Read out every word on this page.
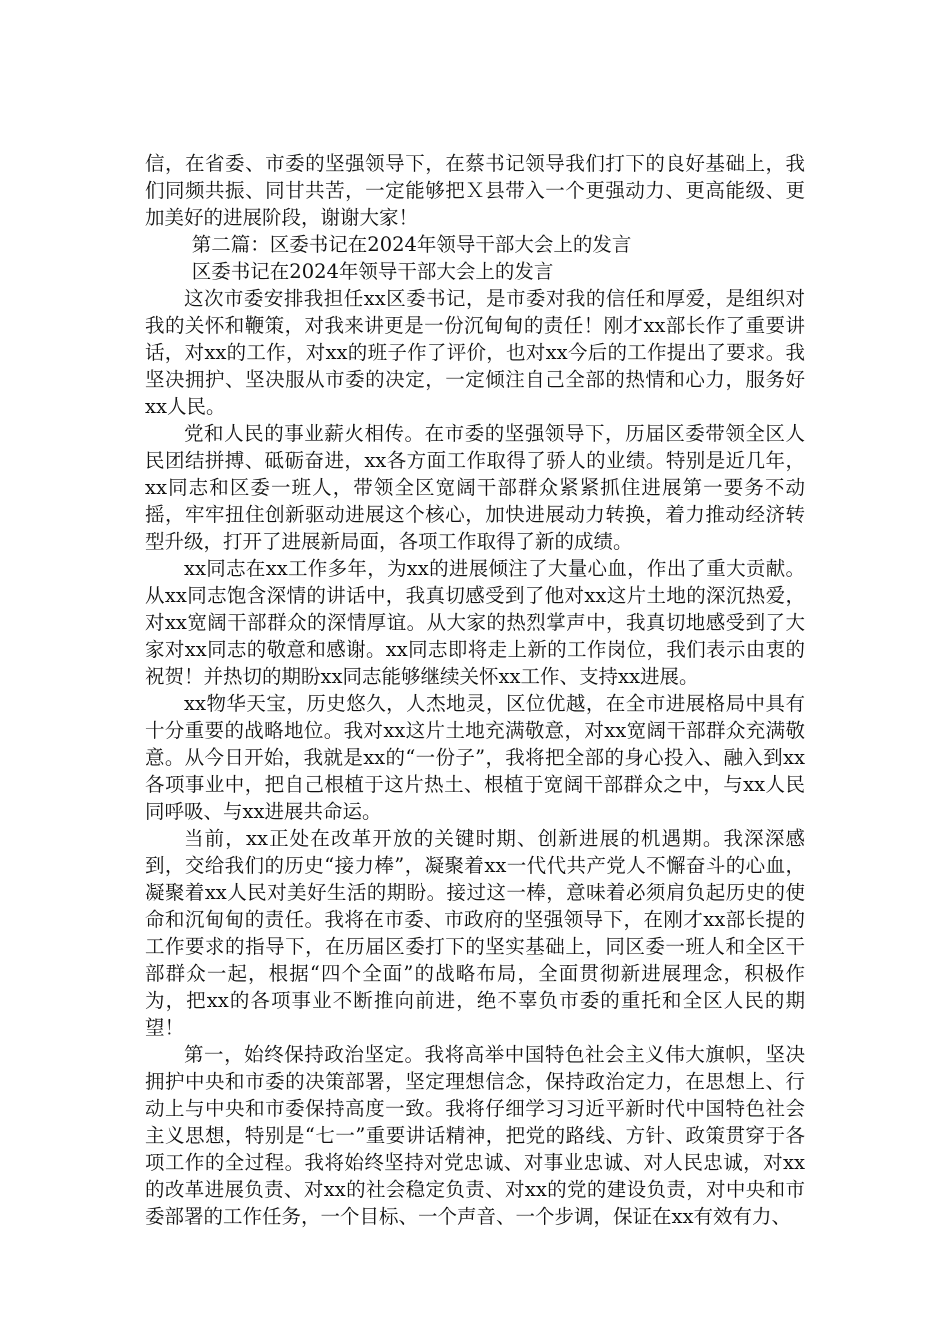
信，在省委、市委的坚强领导下，在蔡书记领导我们打下的良好基础上，我们同频共振、同甘共苦，一定能够把Ｘ县带入一个更强动力、更高能级、更加美好的进展阶段，谢谢大家！

第二篇：区委书记在2024年领导干部大会上的发言

区委书记在2024年领导干部大会上的发言

这次市委安排我担任xx区委书记，是市委对我的信任和厚爱，是组织对我的关怀和鞭策，对我来讲更是一份沉甸甸的责任！刚才xx部长作了重要讲话，对xx的工作，对xx的班子作了评价，也对xx今后的工作提出了要求。我坚决拥护、坚决服从市委的决定，一定倾注自己全部的热情和心力，服务好xx人民。

党和人民的事业薪火相传。在市委的坚强领导下，历届区委带领全区人民团结拼搏、砥砺奋进，xx各方面工作取得了骄人的业绩。特别是近几年，xx同志和区委一班人，带领全区宽阔干部群众紧紧抓住进展第一要务不动摇，牢牢扭住创新驱动进展这个核心，加快进展动力转换，着力推动经济转型升级，打开了进展新局面，各项工作取得了新的成绩。

xx同志在xx工作多年，为xx的进展倾注了大量心血，作出了重大贡献。从xx同志饱含深情的讲话中，我真切感受到了他对xx这片土地的深沉热爱，对xx宽阔干部群众的深情厚谊。从大家的热烈掌声中，我真切地感受到了大家对xx同志的敬意和感谢。xx同志即将走上新的工作岗位，我们表示由衷的祝贺！并热切的期盼xx同志能够继续关怀xx工作、支持xx进展。

xx物华天宝，历史悠久，人杰地灵，区位优越，在全市进展格局中具有十分重要的战略地位。我对xx这片土地充满敬意，对xx宽阔干部群众充满敬意。从今日开始，我就是xx的“一份子”，我将把全部的身心投入、融入到xx各项事业中，把自己根植于这片热土、根植于宽阔干部群众之中，与xx人民同呼吸、与xx进展共命运。

当前，xx正处在改革开放的关键时期、创新进展的机遇期。我深深感到，交给我们的历史“接力棒”，凝聚着xx一代代共产党人不懈奋斗的心血，凝聚着xx人民对美好生活的期盼。接过这一棒，意味着必须肩负起历史的使命和沉甸甸的责任。我将在市委、市政府的坚强领导下，在刚才xx部长提的工作要求的指导下，在历届区委打下的坚实基础上，同区委一班人和全区干部群众一起，根据“四个全面”的战略布局，全面贯彻新进展理念，积极作为，把xx的各项事业不断推向前进，绝不辜负市委的重托和全区人民的期望！

第一，始终保持政治坚定。我将高举中国特色社会主义伟大旗帜，坚决拥护中央和市委的决策部署，坚定理想信念，保持政治定力，在思想上、行动上与中央和市委保持高度一致。我将仔细学习习近平新时代中国特色社会主义思想，特别是“七一”重要讲话精神，把党的路线、方针、政策贯穿于各项工作的全过程。我将始终坚持对党忠诚、对事业忠诚、对人民忠诚，对xx的改革进展负责、对xx的社会稳定负责、对xx的党的建设负责，对中央和市委部署的工作任务，一个目标、一个声音、一个步调，保证在xx有效有力、
